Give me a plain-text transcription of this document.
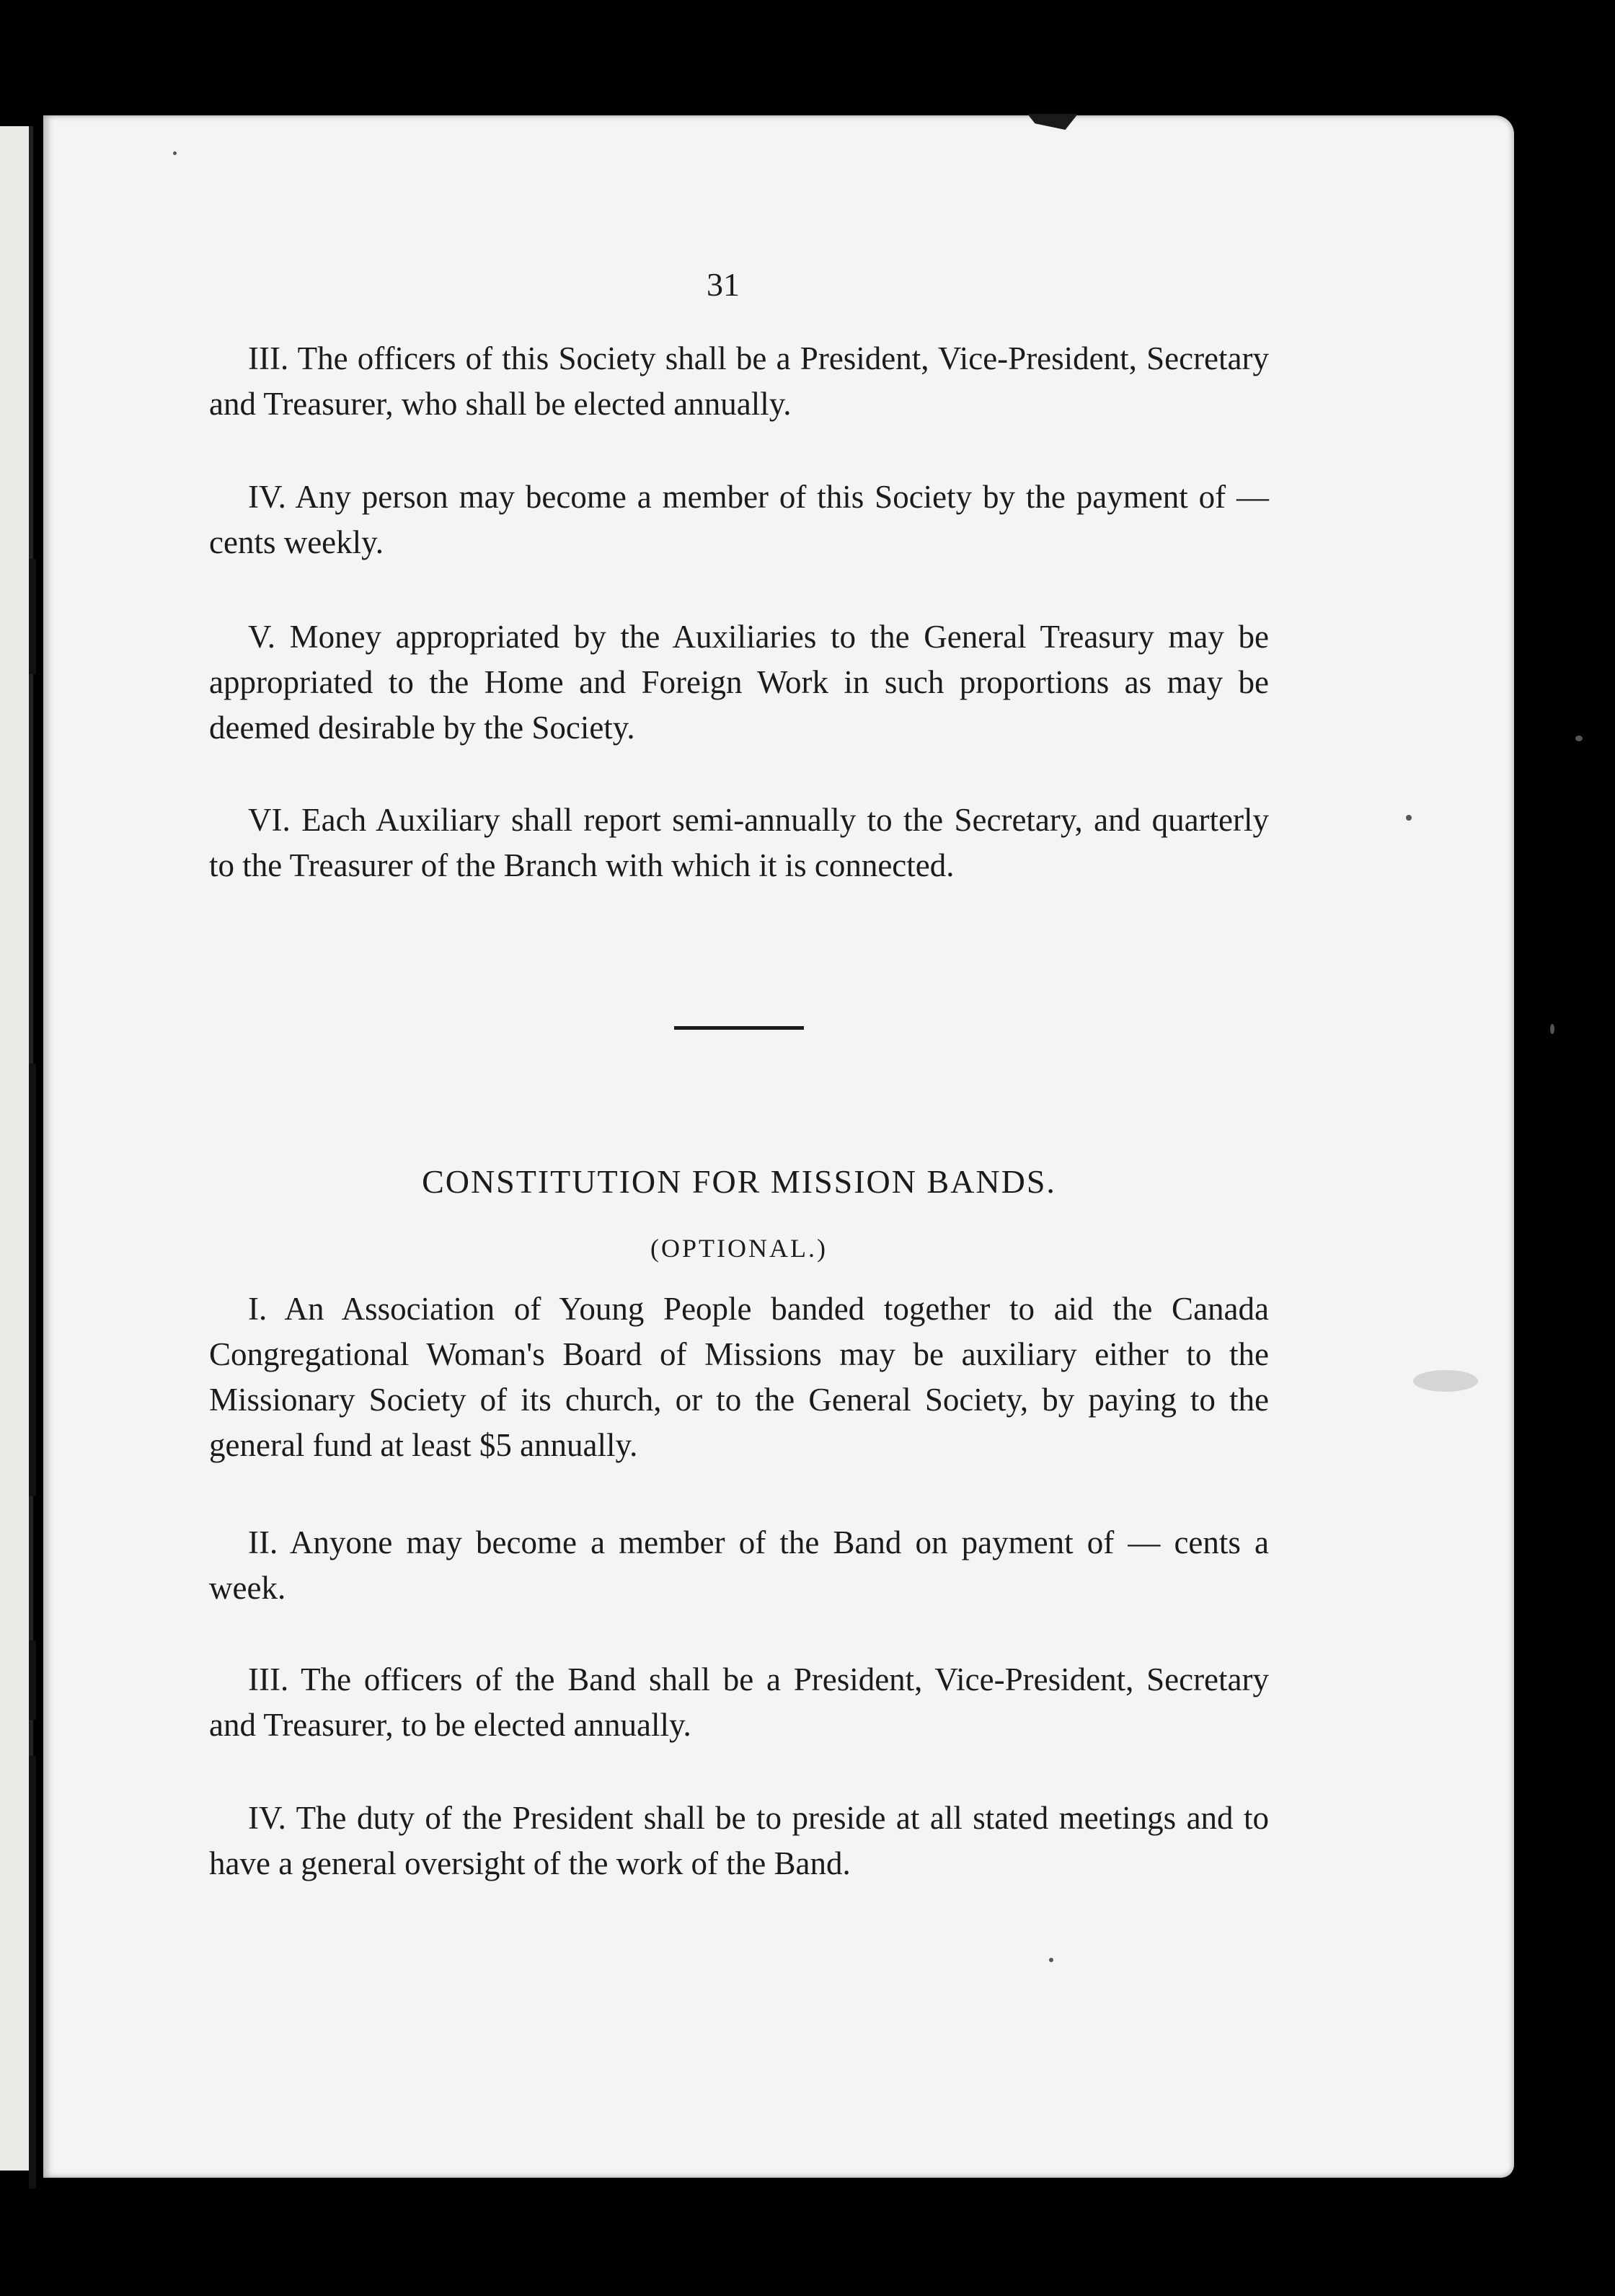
31

III. The officers of this Society shall be a President, Vice-President, Secretary and Treasurer, who shall be elected annually.

IV. Any person may become a member of this Society by the payment of — cents weekly.

V. Money appropriated by the Auxiliaries to the General Treasury may be appropriated to the Home and Foreign Work in such proportions as may be deemed desirable by the Society.

VI. Each Auxiliary shall report semi-annually to the Secretary, and quarterly to the Treasurer of the Branch with which it is connected.

CONSTITUTION FOR MISSION BANDS.
(OPTIONAL.)

I. An Association of Young People banded together to aid the Canada Congregational Woman's Board of Missions may be auxiliary either to the Missionary Society of its church, or to the General Society, by paying to the general fund at least $5 annually.

II. Anyone may become a member of the Band on payment of — cents a week.

III. The officers of the Band shall be a President, Vice-President, Secretary and Treasurer, to be elected annually.

IV. The duty of the President shall be to preside at all stated meetings and to have a general oversight of the work of the Band.
